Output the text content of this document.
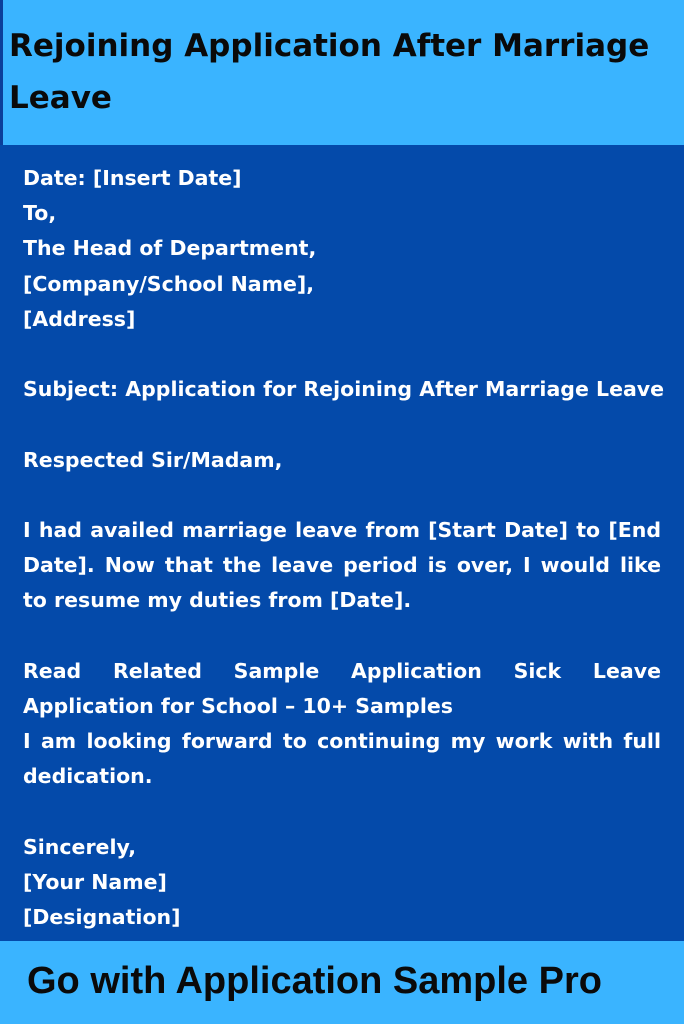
Rejoining Application After Marriage Leave
Date: [Insert Date]
To,
The Head of Department,
[Company/School Name],
[Address]
Subject: Application for Rejoining After Marriage Leave
Respected Sir/Madam,
I had availed marriage leave from [Start Date] to [End Date]. Now that the leave period is over, I would like to resume my duties from [Date].
Read Related Sample Application Sick Leave
Application for School – 10+ Samples
I am looking forward to continuing my work with full dedication.
Sincerely,
[Your Name]
[Designation]

Go with Application Sample Pro
